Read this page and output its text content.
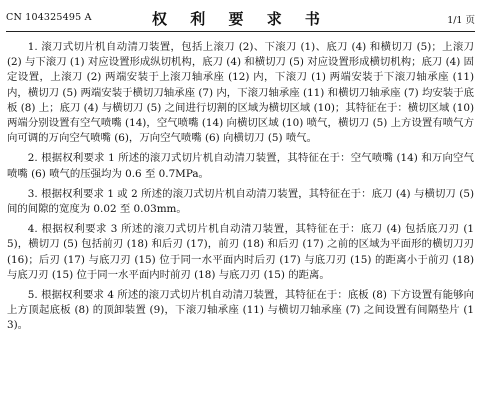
CN 104325495 A	权 利 要 求 书	1/1 页

1. 滚刀式切片机自动清刀装置，包括上滚刀 (2)、下滚刀 (1)、底刀 (4) 和横切刀 (5)；上滚刀 (2) 与下滚刀 (1) 对应设置形成纵切机构，底刀 (4) 和横切刀 (5) 对应设置形成横切机构；底刀 (4) 固定设置，上滚刀 (2) 两端安装于上滚刀轴承座 (12) 内，下滚刀 (1) 两端安装于下滚刀轴承座 (11) 内，横切刀 (5) 两端安装于横切刀轴承座 (7) 内，下滚刀轴承座 (11) 和横切刀轴承座 (7) 均安装于底板 (8) 上；底刀 (4) 与横切刀 (5) 之间进行切割的区域为横切区域 (10)；其特征在于：横切区域 (10) 两端分别设置有空气喷嘴 (14)，空气喷嘴 (14) 向横切区域 (10) 喷气，横切刀 (5) 上方设置有喷气方向可调的万向空气喷嘴 (6)，万向空气喷嘴 (6) 向横切刀 (5) 喷气。

2. 根据权利要求 1 所述的滚刀式切片机自动清刀装置，其特征在于：空气喷嘴 (14) 和万向空气喷嘴 (6) 喷气的压强均为 0.6 至 0.7MPa。

3. 根据权利要求 1 或 2 所述的滚刀式切片机自动清刀装置，其特征在于：底刀 (4) 与横切刀 (5) 间的间隙的宽度为 0.02 至 0.03mm。

4. 根据权利要求 3 所述的滚刀式切片机自动清刀装置，其特征在于：底刀 (4) 包括底刀刃 (15)，横切刀 (5) 包括前刃 (18) 和后刃 (17)，前刃 (18) 和后刃 (17) 之前的区域为平面形的横切刀刃 (16)；后刃 (17) 与底刀刃 (15) 位于同一水平面内时后刃 (17) 与底刀刃 (15) 的距离小于前刃 (18) 与底刀刃 (15) 位于同一水平面内时前刃 (18) 与底刀刃 (15) 的距离。

5. 根据权利要求 4 所述的滚刀式切片机自动清刀装置，其特征在于：底板 (8) 下方设置有能够向上方顶起底板 (8) 的顶卸装置 (9)，下滚刀轴承座 (11) 与横切刀轴承座 (7) 之间设置有间隔垫片 (13)。
